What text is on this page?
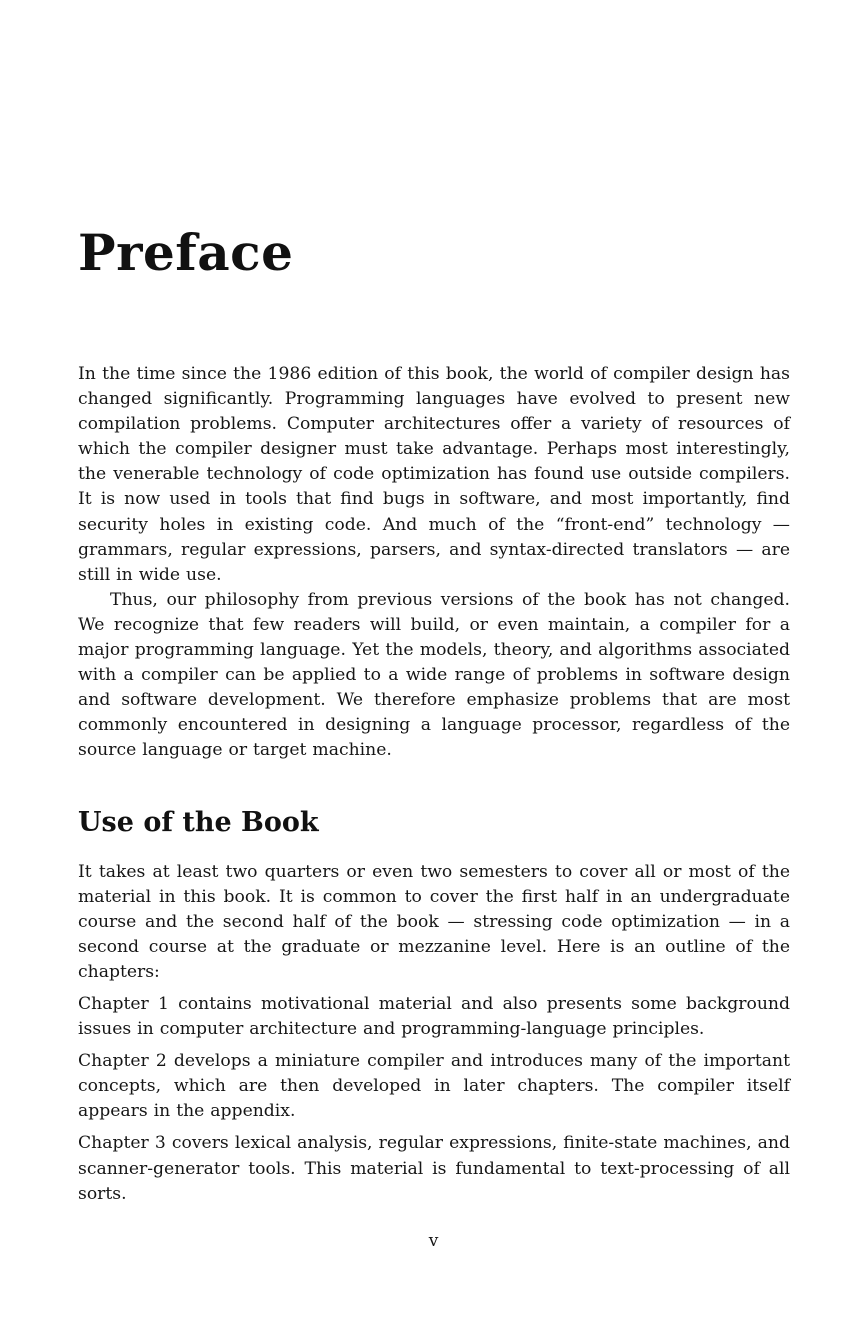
Preface

In the time since the 1986 edition of this book, the world of compiler design has changed significantly. Programming languages have evolved to present new compilation problems. Computer architectures offer a variety of resources of which the compiler designer must take advantage. Perhaps most interestingly, the venerable technology of code optimization has found use outside compilers. It is now used in tools that find bugs in software, and most importantly, find security holes in existing code. And much of the “front-end” technology — grammars, regular expressions, parsers, and syntax-directed translators — are still in wide use.

Thus, our philosophy from previous versions of the book has not changed. We recognize that few readers will build, or even maintain, a compiler for a major programming language. Yet the models, theory, and algorithms associated with a compiler can be applied to a wide range of problems in software design and software development. We therefore emphasize problems that are most commonly encountered in designing a language processor, regardless of the source language or target machine.

Use of the Book

It takes at least two quarters or even two semesters to cover all or most of the material in this book. It is common to cover the first half in an undergraduate course and the second half of the book — stressing code optimization — in a second course at the graduate or mezzanine level. Here is an outline of the chapters:

Chapter 1 contains motivational material and also presents some background issues in computer architecture and programming-language principles.

Chapter 2 develops a miniature compiler and introduces many of the important concepts, which are then developed in later chapters. The compiler itself appears in the appendix.

Chapter 3 covers lexical analysis, regular expressions, finite-state machines, and scanner-generator tools. This material is fundamental to text-processing of all sorts.

v
